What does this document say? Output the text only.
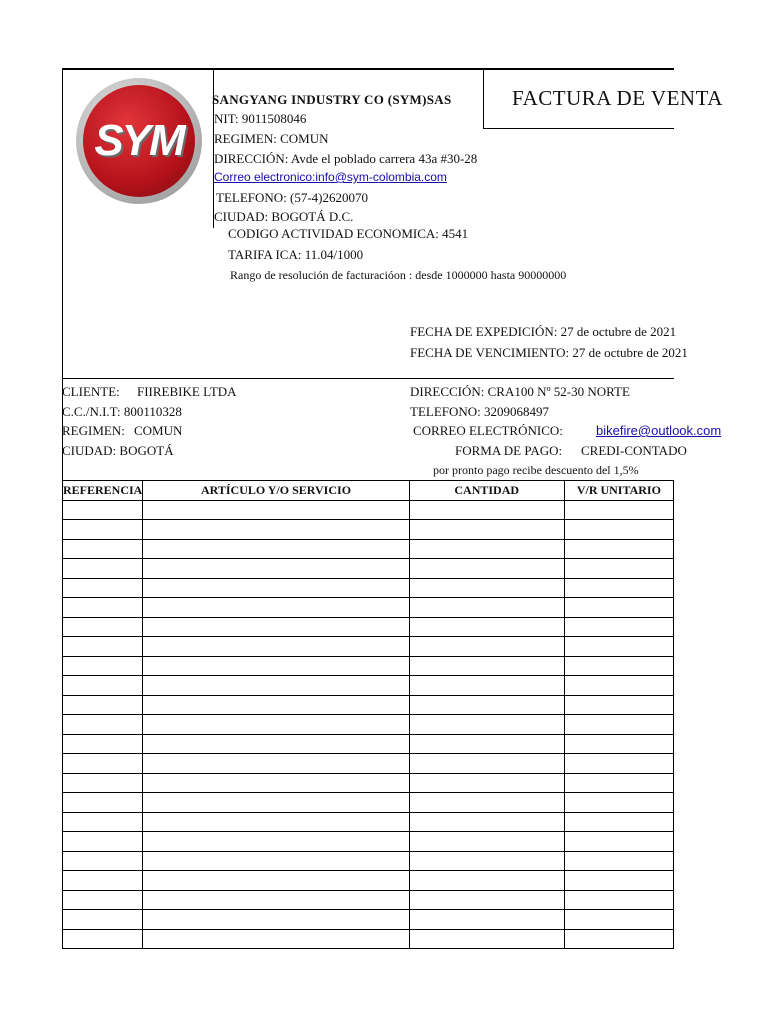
SYM
SANGYANG INDUSTRY CO (SYM)SAS
NIT: 9011508046
REGIMEN: COMUN
DIRECCIÓN: Avde el poblado carrera 43a #30-28
Correo electronico:info@sym-colombia.com
TELEFONO: (57-4)2620070
CIUDAD: BOGOTÁ D.C.
CODIGO ACTIVIDAD ECONOMICA: 4541
TARIFA ICA: 11.04/1000
Rango de resolución de facturacióon : desde 1000000 hasta 90000000
FACTURA DE VENTA
FECHA DE EXPEDICIÓN: 27 de octubre de 2021
FECHA DE VENCIMIENTO: 27 de octubre de 2021
CLIENTE: FIIREBIKE LTDA
C.C./N.I.T: 800110328
REGIMEN: COMUN
CIUDAD: BOGOTÁ
DIRECCIÓN: CRA100 Nº 52-30 NORTE
TELEFONO: 3209068497
CORREO ELECTRÓNICO:	bikefire@outlook.com
FORMA DE PAGO: CREDI-CONTADO
por pronto pago recibe descuento del 1,5%
REFERENCIA	ARTÍCULO Y/O SERVICIO	CANTIDAD	V/R UNITARIO
